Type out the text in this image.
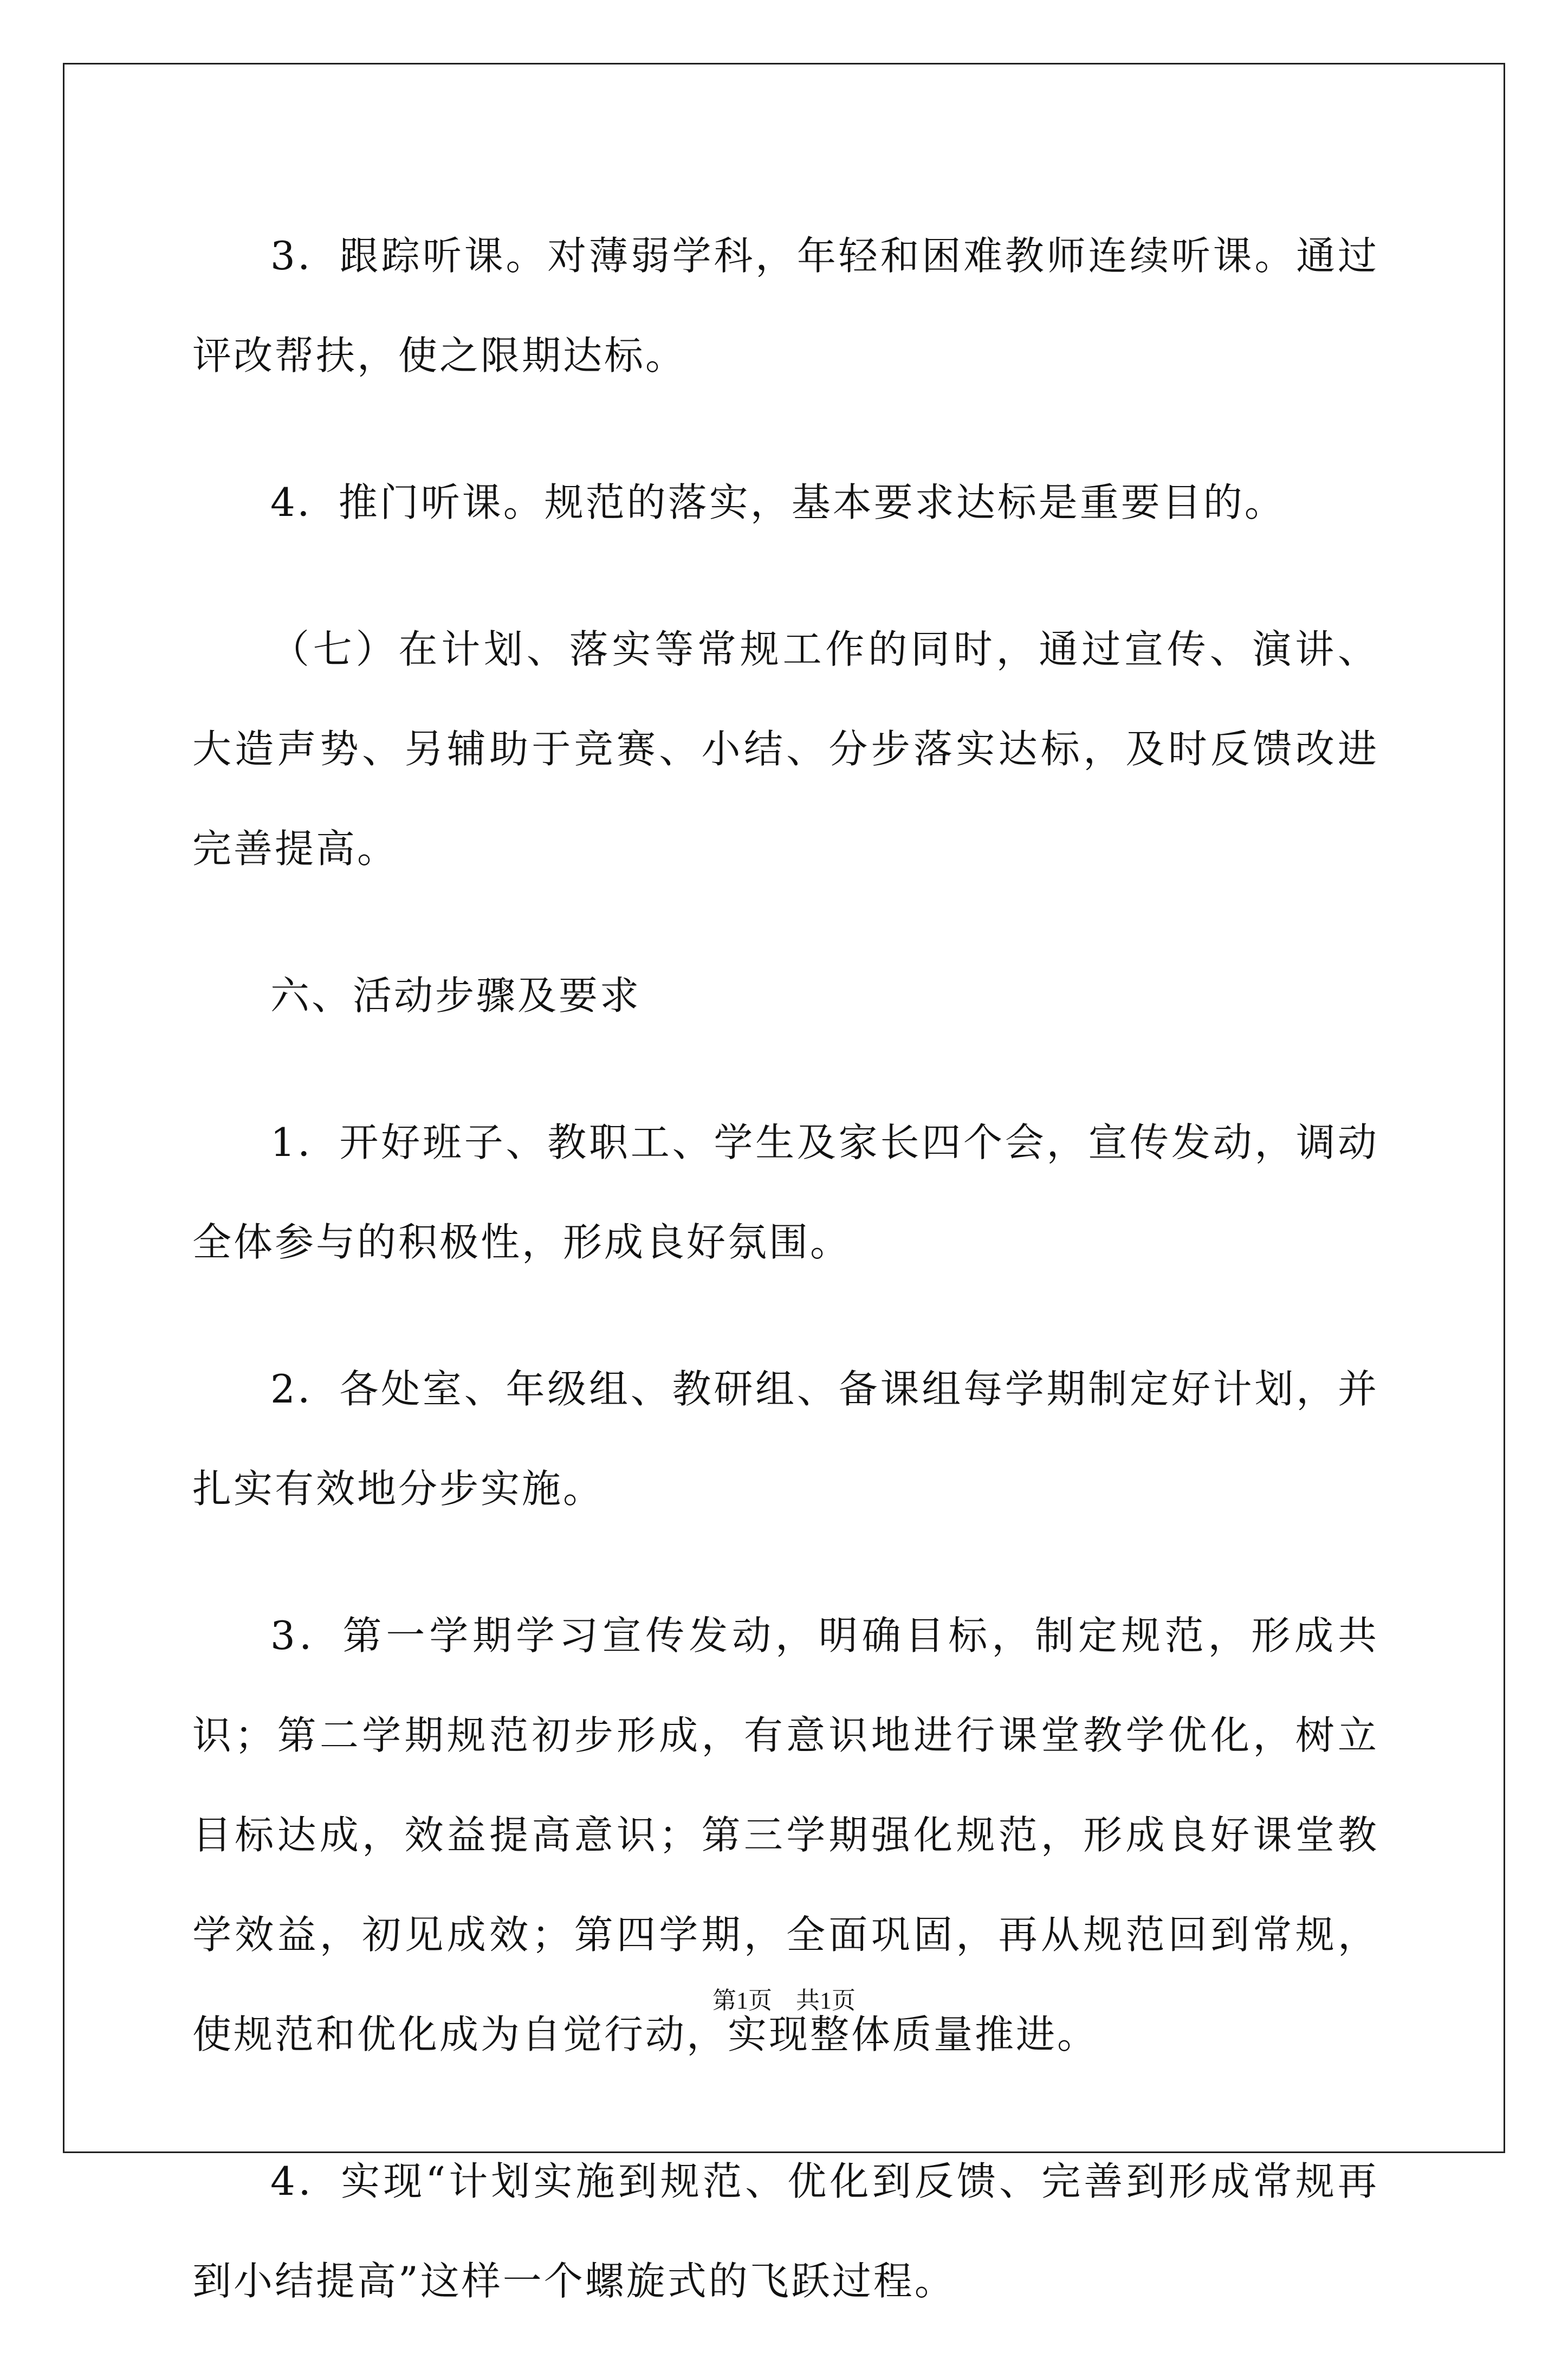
3．跟踪听课。对薄弱学科，年轻和困难教师连续听课。通过评改帮扶，使之限期达标。

4．推门听课。规范的落实，基本要求达标是重要目的。

（七）在计划、落实等常规工作的同时，通过宣传、演讲、大造声势、另辅助于竞赛、小结、分步落实达标，及时反馈改进完善提高。

六、活动步骤及要求

1．开好班子、教职工、学生及家长四个会，宣传发动，调动全体参与的积极性，形成良好氛围。

2．各处室、年级组、教研组、备课组每学期制定好计划，并扎实有效地分步实施。

3．第一学期学习宣传发动，明确目标，制定规范，形成共识；第二学期规范初步形成，有意识地进行课堂教学优化，树立目标达成，效益提高意识；第三学期强化规范，形成良好课堂教学效益，初见成效；第四学期，全面巩固，再从规范回到常规，使规范和优化成为自觉行动，实现整体质量推进。

4．实现“计划实施到规范、优化到反馈、完善到形成常规再到小结提高”这样一个螺旋式的飞跃过程。

第1页 共1页
